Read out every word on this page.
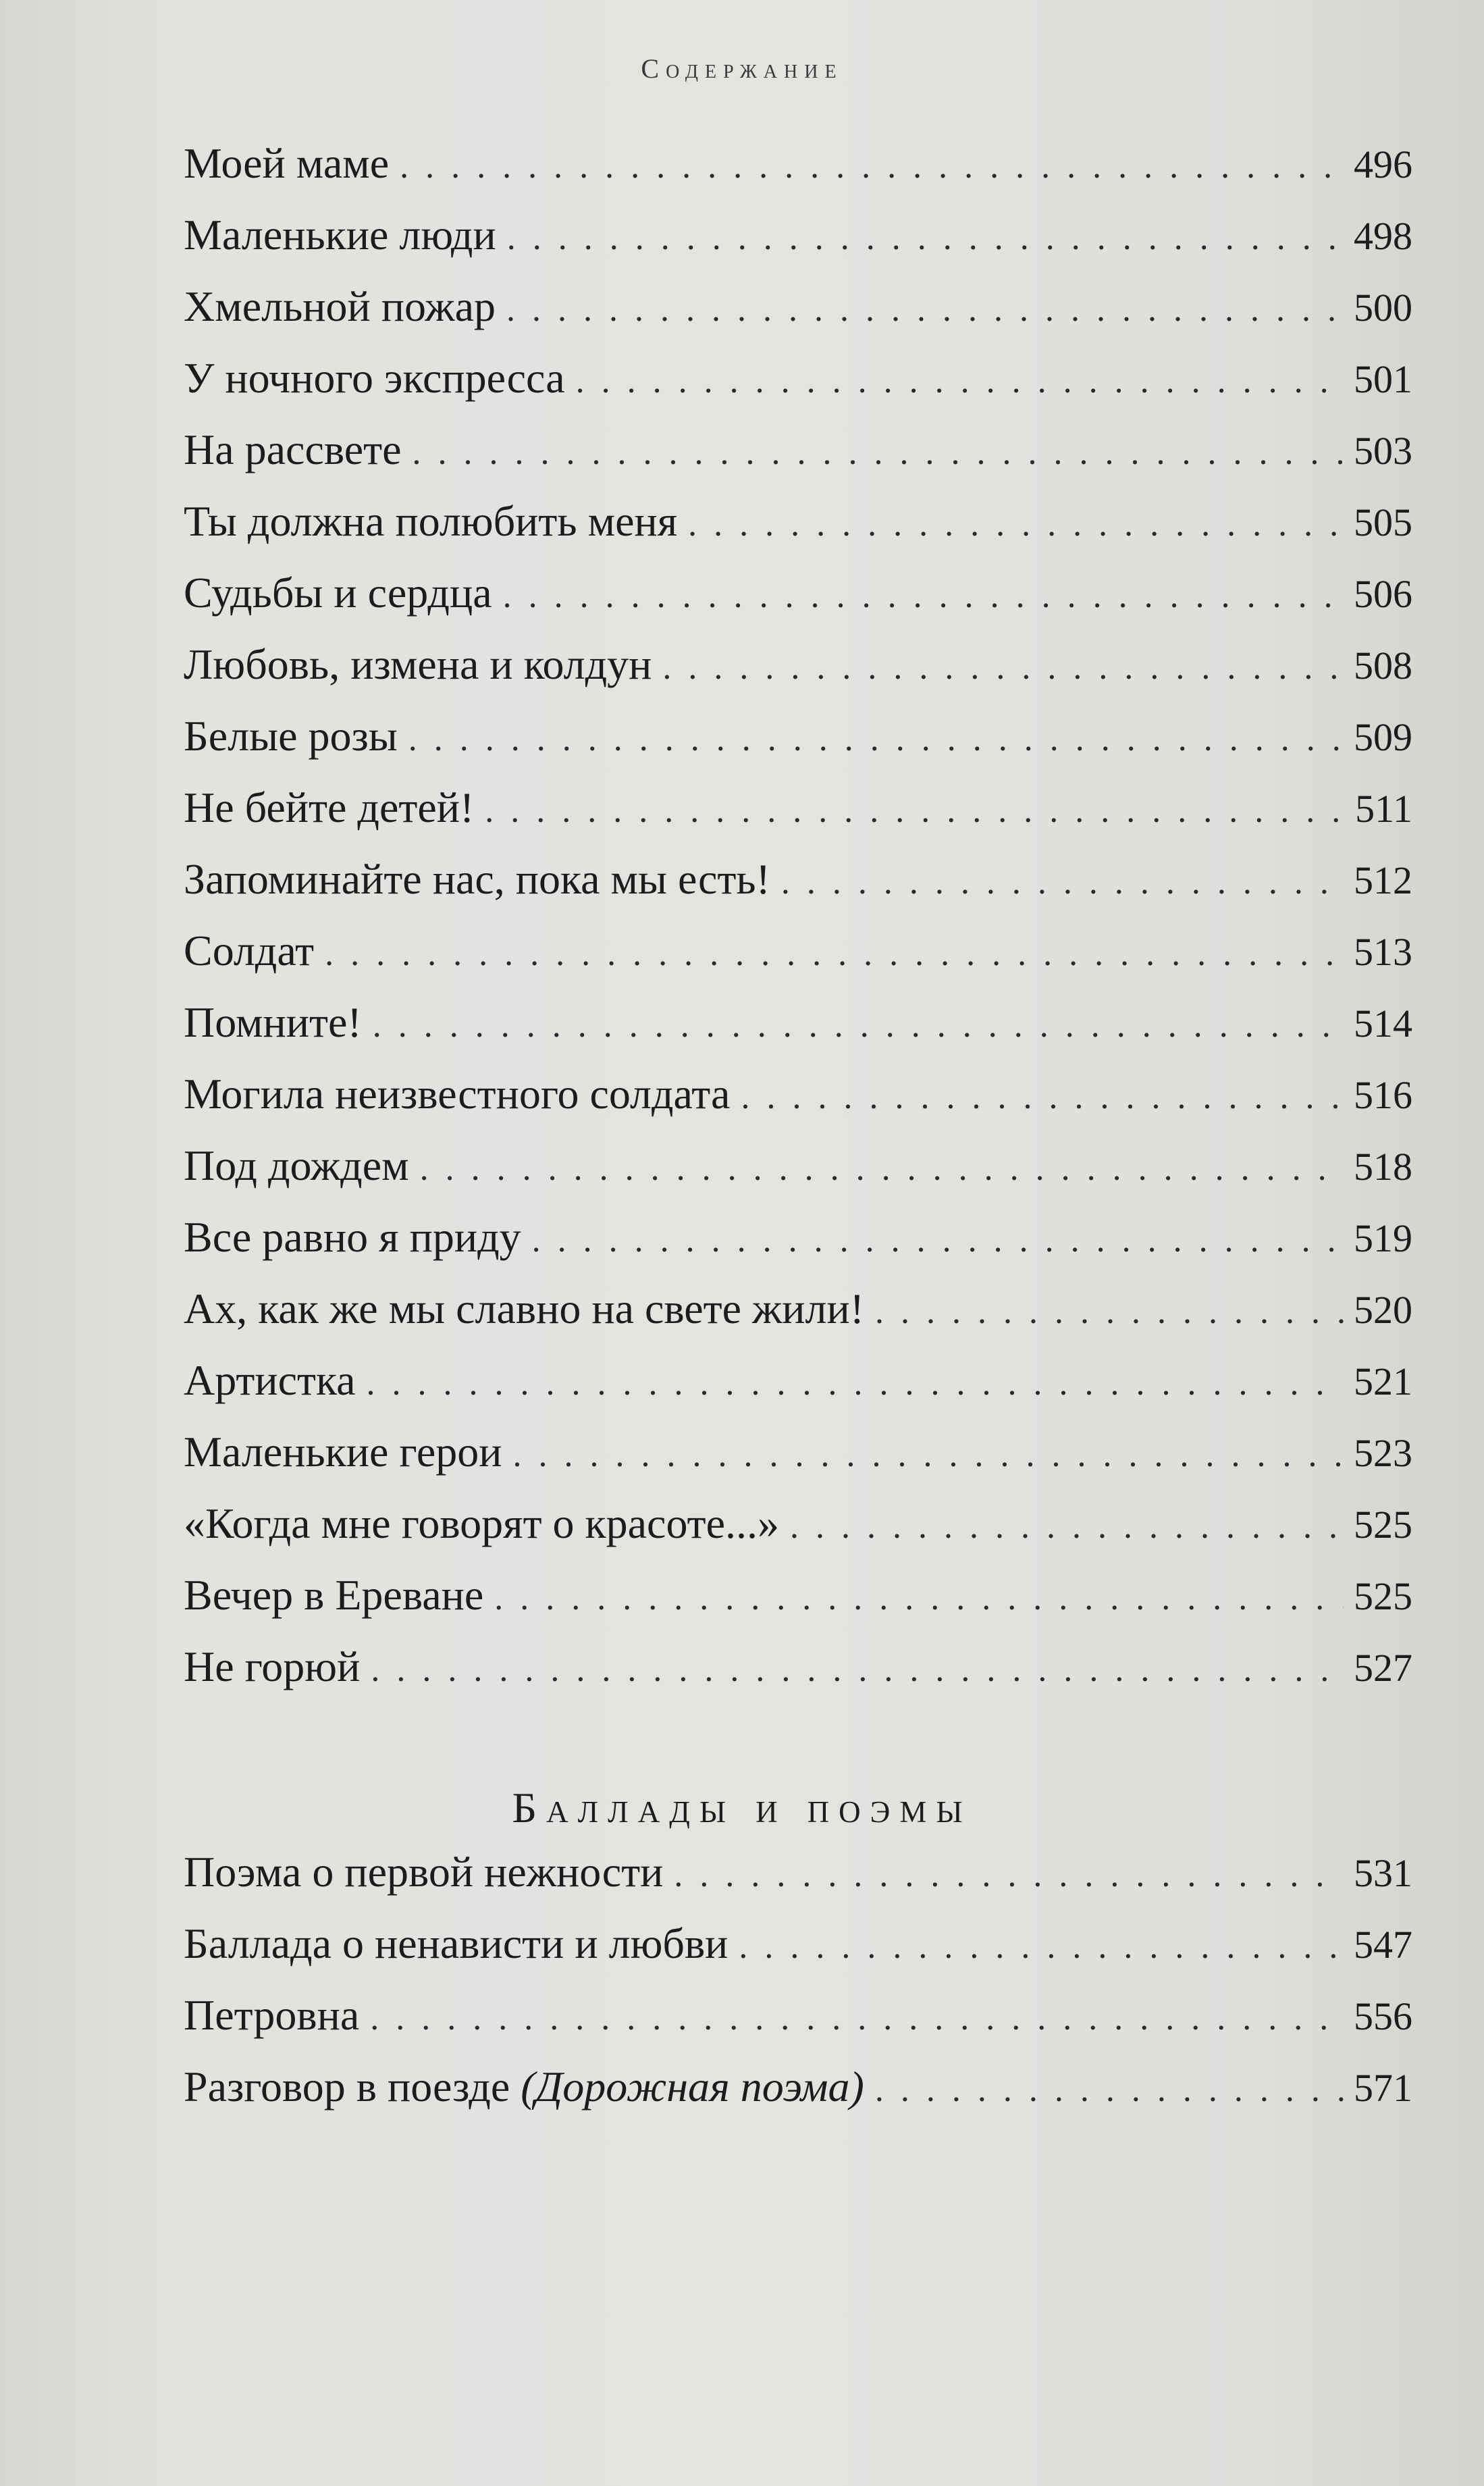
Содержание
Моей маме . . .	496
Маленькие люди . . .	498
Хмельной пожар . . .	500
У ночного экспресса . . .	501
На рассвете . . .	503
Ты должна полюбить меня . . .	505
Судьбы и сердца . . .	506
Любовь, измена и колдун . . .	508
Белые розы . . .	509
Не бейте детей! . . .	511
Запоминайте нас, пока мы есть! . . .	512
Солдат . . .	513
Помните! . . .	514
Могила неизвестного солдата . . .	516
Под дождем . . .	518
Все равно я приду . . .	519
Ах, как же мы славно на свете жили! . . .	520
Артистка . . .	521
Маленькие герои . . .	523
«Когда мне говорят о красоте...» . . .	525
Вечер в Ереване . . .	525
Не горюй . . .	527
Баллады и поэмы
Поэма о первой нежности . . .	531
Баллада о ненависти и любви . . .	547
Петровна . . .	556
Разговор в поезде (Дорожная поэма) . . .	571
